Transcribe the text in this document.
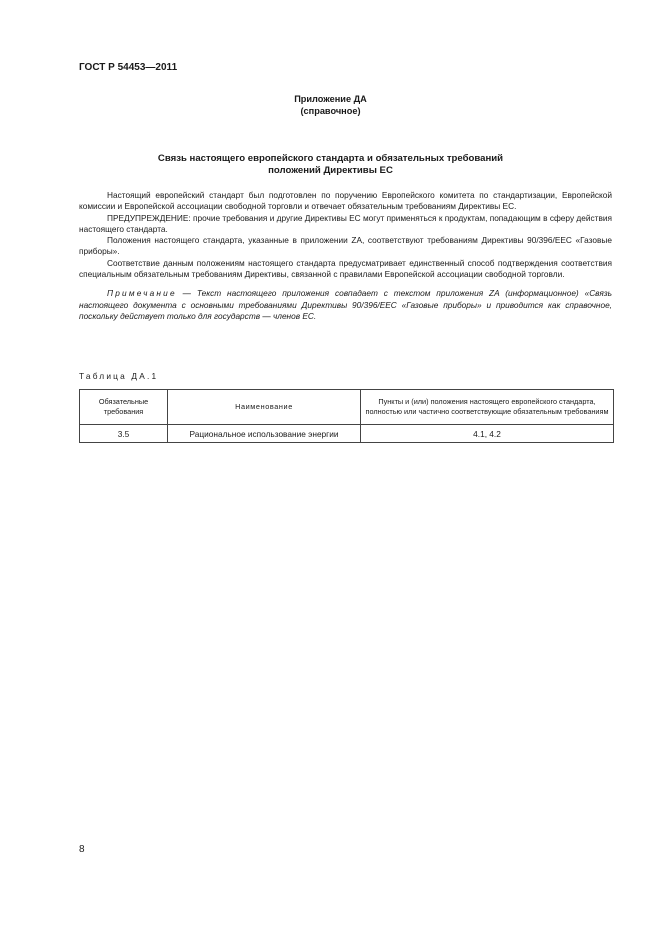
ГОСТ Р 54453—2011
Приложение ДА
(справочное)
Связь настоящего европейского стандарта и обязательных требований
положений Директивы ЕС

Настоящий европейский стандарт был подготовлен по поручению Европейского комитета по стандартизации, Европейской комиссии и Европейской ассоциации свободной торговли и отвечает обязательным требованиям Директивы ЕС.

ПРЕДУПРЕЖДЕНИЕ: прочие требования и другие Директивы ЕС могут применяться к продуктам, попадающим в сферу действия настоящего стандарта.

Положения настоящего стандарта, указанные в приложении ZA, соответствуют требованиям Директивы 90/396/EEC «Газовые приборы».

Соответствие данным положениям настоящего стандарта предусматривает единственный способ подтверждения соответствия специальным обязательным требованиям Директивы, связанной с правилами Европейской ассоциации свободной торговли.

Примечание — Текст настоящего приложения совпадает с текстом приложения ZA (информационное) «Связь настоящего документа с основными требованиями Директивы 90/396/EEC «Газовые приборы» и приводится как справочное, поскольку действует только для государств — членов ЕС.

Таблица ДА.1
Обязательные требования	Наименование	Пункты и (или) положения настоящего европейского стандарта, полностью или частично соответствующие обязательным требованиям
3.5	Рациональное использование энергии	4.1, 4.2
8
